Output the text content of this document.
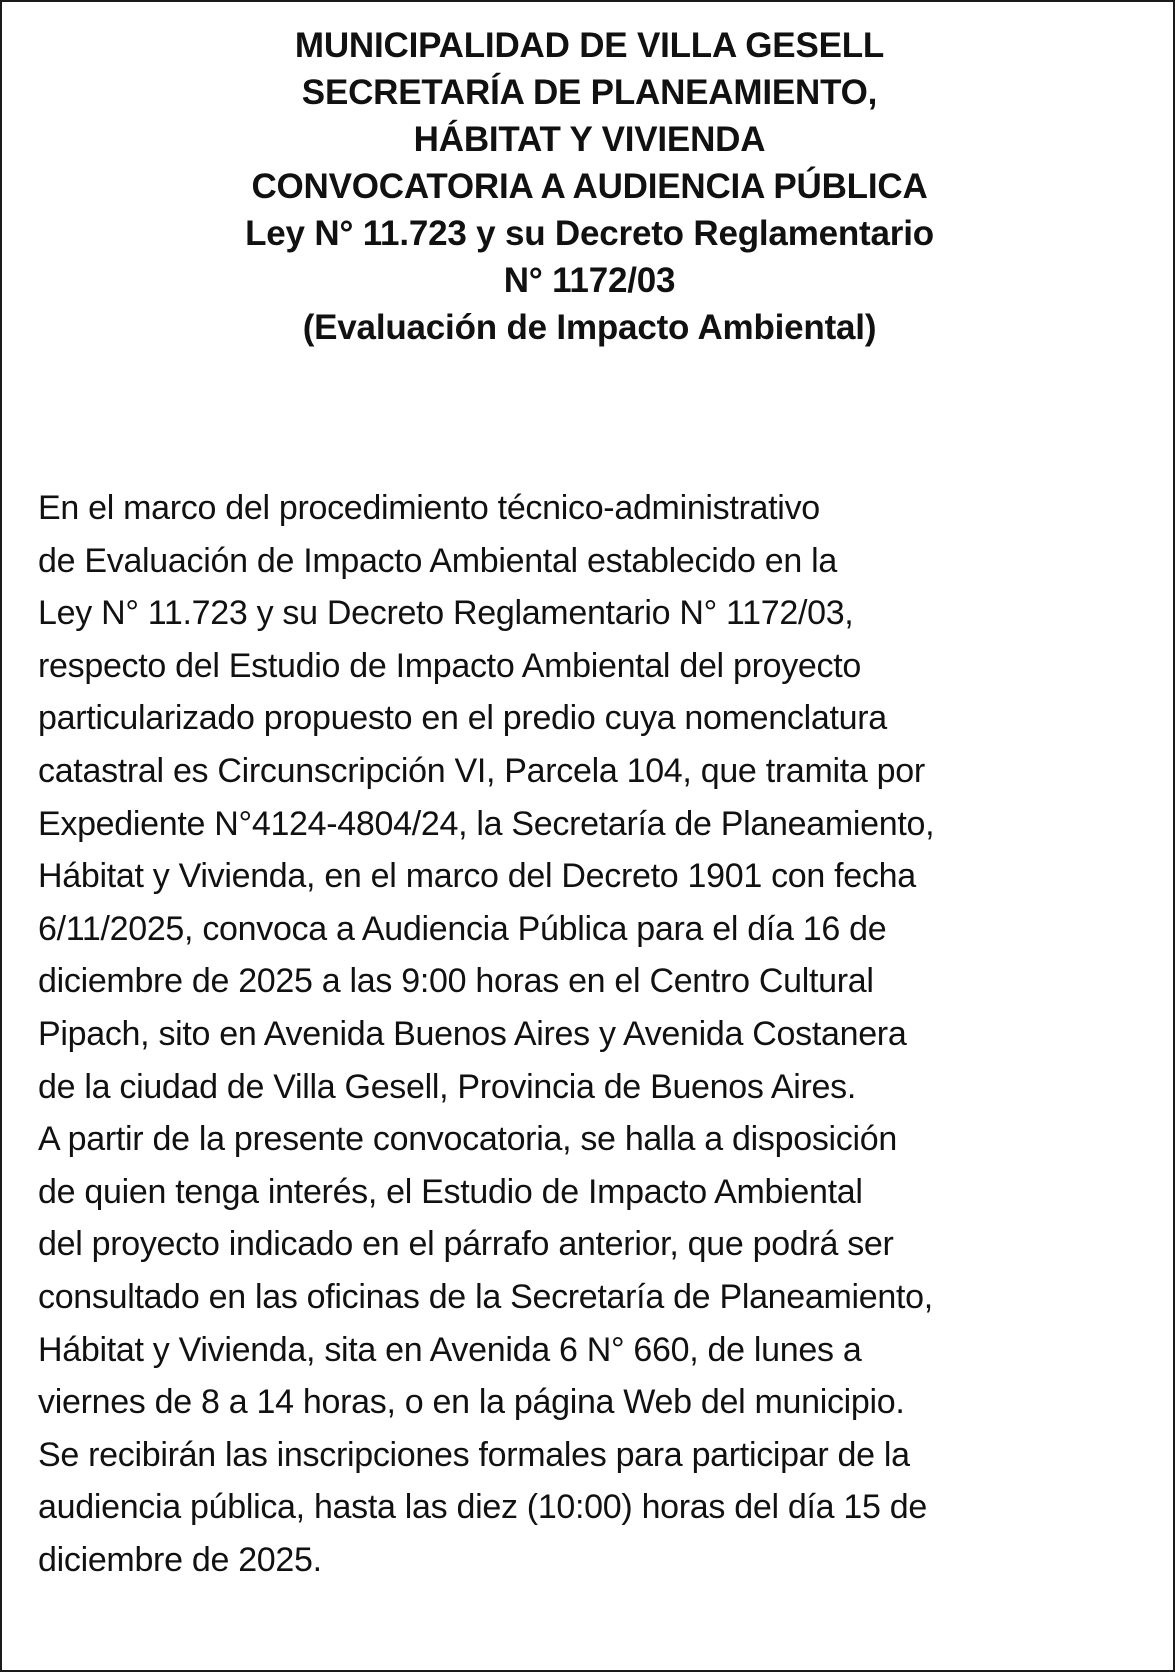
MUNICIPALIDAD DE VILLA GESELL
SECRETARÍA DE PLANEAMIENTO,
HÁBITAT Y VIVIENDA
CONVOCATORIA A AUDIENCIA PÚBLICA
Ley N° 11.723 y su Decreto Reglamentario
N° 1172/03
(Evaluación de Impacto Ambiental)
En el marco del procedimiento técnico-administrativo
de Evaluación de Impacto Ambiental establecido en la
Ley N° 11.723 y su Decreto Reglamentario N° 1172/03,
respecto del Estudio de Impacto Ambiental del proyecto
particularizado propuesto en el predio cuya nomenclatura
catastral es Circunscripción VI, Parcela 104, que tramita por
Expediente N°4124-4804/24, la Secretaría de Planeamiento,
Hábitat y Vivienda, en el marco del Decreto 1901 con fecha
6/11/2025, convoca a Audiencia Pública para el día 16 de
diciembre de 2025 a las 9:00 horas en el Centro Cultural
Pipach, sito en Avenida Buenos Aires y Avenida Costanera
de la ciudad de Villa Gesell, Provincia de Buenos Aires.
A partir de la presente convocatoria, se halla a disposición
de quien tenga interés, el Estudio de Impacto Ambiental
del proyecto indicado en el párrafo anterior, que podrá ser
consultado en las oficinas de la Secretaría de Planeamiento,
Hábitat y Vivienda, sita en Avenida 6 N° 660, de lunes a
viernes de 8 a 14 horas, o en la página Web del municipio.
Se recibirán las inscripciones formales para participar de la
audiencia pública, hasta las diez (10:00) horas del día 15 de
diciembre de 2025.
